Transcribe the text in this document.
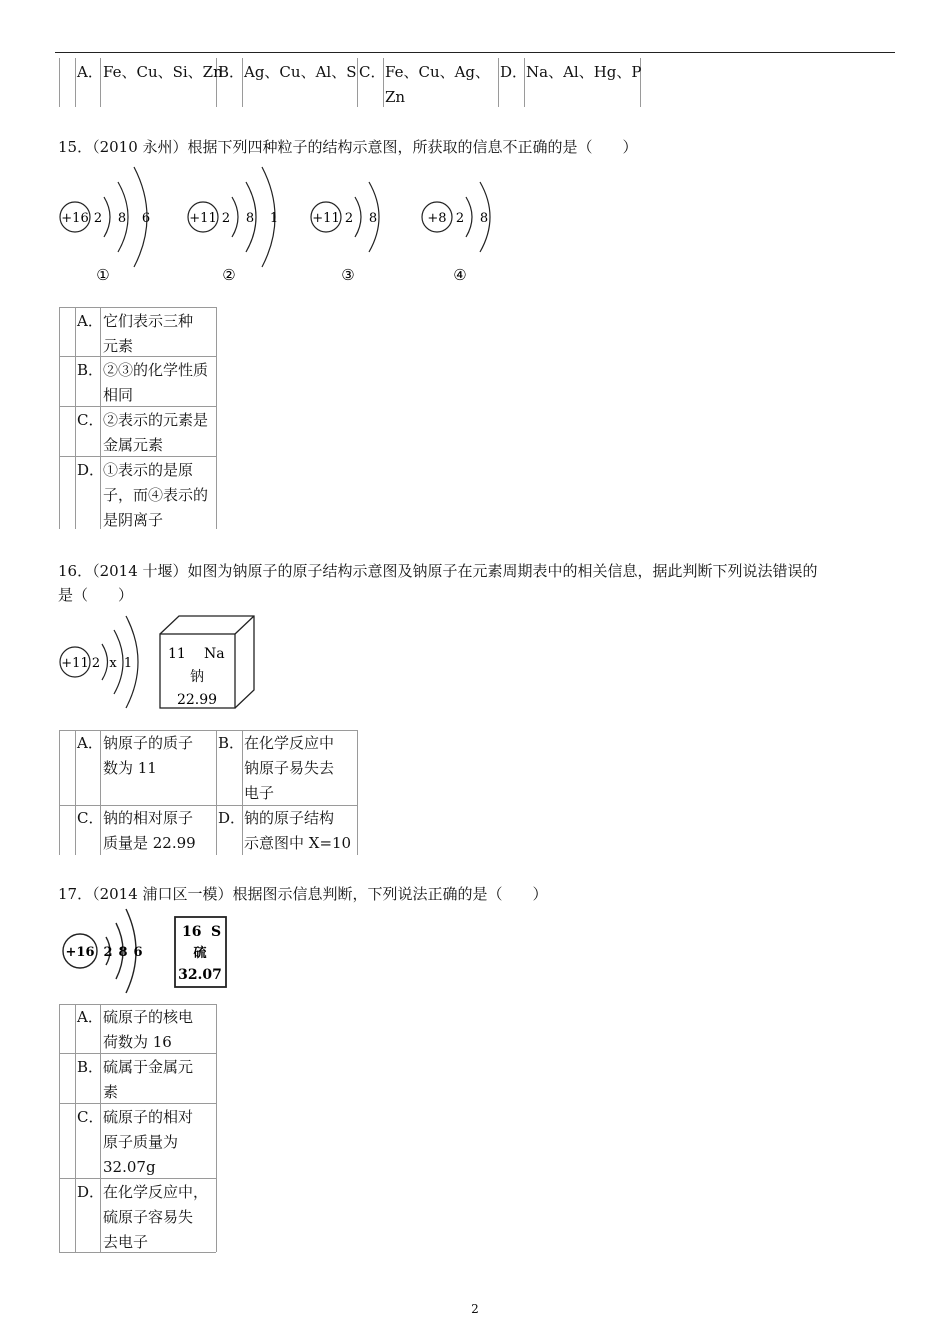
A． Fe、Cu、Si、Zn
B． Ag、Cu、Al、S C． Fe、Cu、Ag、
Zn
D．
Na、Al、Hg、P
15．（2010 永州）根据下列四种粒子的结构示意图，所获取的信息不正确的是（　　）
+16 2 8 6
①
+11 2 8 1
②
+11 2 8
③
+8 2 8
④
A． 它们表示三种
元素
B． ②③的化学性质
相同
C． ②表示的元素是
金属元素
D．
①表示的是原
子，而④表示的
是阴离子
16．（2014 十堰）如图为钠原子的原子结构示意图及钠原子在元素周期表中的相关信息，据此判断下列说法错误的
是（　　）
+11 2 x 1
11 Na
钠
22.99
A． 钠原子的质子
数为 11
B． 在化学反应中
钠原子易失去
电子
C． 钠的相对原子
质量是 22.99
D．
钠的原子结构
示意图中 X=10
17．（2014 浦口区一模）根据图示信息判断，下列说法正确的是（　　）
+16 2 8 6
16 S
硫
32.07
A． 硫原子的核电
荷数为 16
B． 硫属于金属元
素
C． 硫原子的相对
原子质量为
32.07g
D．
在化学反应中，
硫原子容易失
去电子
2
